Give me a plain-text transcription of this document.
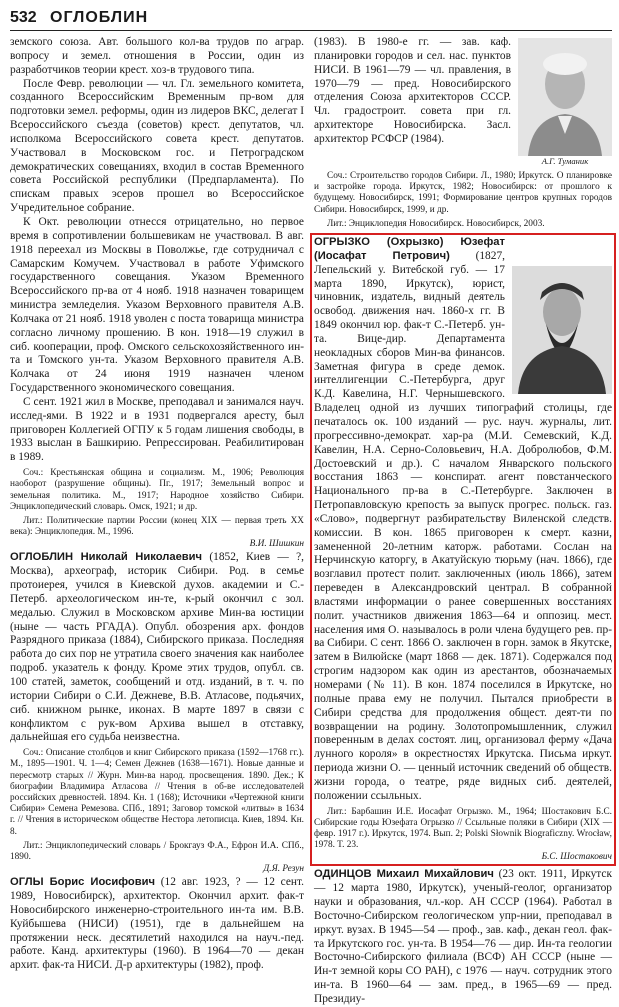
532 ОГЛОБЛИН

земского союза. Авт. большого кол-ва трудов по аграр. вопросу и земел. отношения в России, один из разработчиков теории крест. хоз-в трудового типа.

После Февр. революции — чл. Гл. земельного комитета, созданного Всероссийским Временным пр-вом для подготовки земел. реформы, один из лидеров ВКС, делегат I Всероссийского съезда (советов) крест. депутатов, чл. исполкома Всероссийского совета крест. депутатов. Участвовал в Московском гос. и Петроградском демократических совещаниях, входил в состав Временного совета Российской республики (Предпарламента). По спискам правых эсеров прошел во Всероссийское Учредительное собрание.

К Окт. революции отнесся отрицательно, но первое время в сопротивлении большевикам не участвовал. В авг. 1918 переехал из Москвы в Поволжье, где сотрудничал с Самарским Комучем. Участвовал в работе Уфимского государственного совещания. Указом Временного Всероссийского пр-ва от 4 нояб. 1918 назначен товарищем министра земледелия. Указом Верховного правителя А.В. Колчака от 21 нояб. 1918 уволен с поста товарища министра согласно личному прошению. В кон. 1918—19 служил в сиб. кооперации, проф. Омского сельскохозяйственного ин-та и Томского ун-та. Указом Верховного правителя А.В. Колчака от 24 июня 1919 назначен членом Государственного экономического совещания.

С сент. 1921 жил в Москве, преподавал и занимался науч. исслед-ями. В 1922 и в 1931 подвергался аресту, был приговорен Коллегией ОГПУ к 5 годам лишения свободы, в 1933 выслан в Башкирию. Репрессирован. Реабилитирован в 1989.

Соч.: Крестьянская община и социализм. М., 1906; Революция наоборот (разрушение общины). Пг., 1917; Земельный вопрос и земельная политика. М., 1917; Народное хозяйство Сибири. Энциклопедический словарь. Омск, 1921; и др.

Лит.: Политические партии России (конец XIX — первая треть XX века): Энциклопедия. М., 1996.

В.И. Шишкин

ОГЛОБЛИН Николай Николаевич (1852, Киев — ?, Москва), археограф, историк Сибири. Род. в семье протоиерея, учился в Киевской духов. академии и С.-Петерб. археологическом ин-те, к-рый окончил с зол. медалью. Служил в Московском архиве Мин-ва юстиции (ныне — часть РГАДА). Опубл. обозрения арх. фондов Разрядного приказа (1884), Сибирского приказа. Последняя работа до сих пор не утратила своего значения как наиболее подроб. указатель к фонду. Кроме этих трудов, опубл. св. 100 статей, заметок, сообщений и отд. изданий, в т. ч. по истории Сибири о С.И. Дежневе, В.В. Атласове, подьячих, сиб. книжном рынке, иконах. В марте 1897 в связи с конфликтом с рук-вом Архива вышел в отставку, дальнейшая его судьба неизвестна.

Соч.: Описание столбцов и книг Сибирского приказа (1592—1768 гг.). М., 1895—1901. Ч. 1—4; Семен Дежнев (1638—1671). Новые данные и пересмотр старых // Журн. Мин-ва народ. просвещения. 1890. Дек.; К биографии Владимира Атласова // Чтения в об-ве исследователей российских древностей. 1894. Кн. 1 (168); Источники «Чертежной книги Сибири» Семена Ремезова. СПб., 1891; Заговор томской «литвы» в 1634 г. // Чтения в историческом обществе Нестора летописца. Киев, 1894. Кн. 8.

Лит.: Энциклопедический словарь / Брокгауз Ф.А., Ефрон И.А. СПб., 1890.

Д.Я. Резун

ОГЛЫ Борис Иосифович (12 авг. 1923, ? — 12 сент. 1989, Новосибирск), архитектор. Окончил архит. фак-т Новосибирского инженерно-строительного ин-та им. В.В. Куйбышева (НИСИ) (1951), где в дальнейшем на протяжении неск. десятилетий находился на науч.-пед. работе. Канд. архитектуры (1960). В 1964—70 — декан архит. фак-та НИСИ. Д-р архитектуры (1982), проф.

А.Г. Туманик

(1983). В 1980-е гг. — зав. каф. планировки городов и сел. нас. пунктов НИСИ. В 1961—79 — чл. правления, в 1970—79 — пред. Новосибирского отделения Союза архитекторов СССР. Чл. градостроит. совета при гл. архитекторе Новосибирска. Засл. архитектор РСФСР (1984).

Соч.: Строительство городов Сибири. Л., 1980; Иркутск. О планировке и застройке города. Иркутск, 1982; Новосибирск: от прошлого к будущему. Новосибирск, 1991; Формирование центров крупных городов Сибири. Новосибирск, 1999, и др.

Лит.: Энциклопедия Новосибирск. Новосибирск, 2003.

ОГРЫЗКО (Охрызко) Юзефат (Иосафат Петрович) (1827, Лепельский у. Витебской губ. — 17 марта 1890, Иркутск), юрист, чиновник, издатель, видный деятель освобод. движения нач. 1860-х гг. В 1849 окончил юр. фак-т С.-Петерб. ун-та. Вице-дир. Департамента неокладных сборов Мин-ва финансов. Заметная фигура в среде демок. интеллигенции С.-Петербурга, друг К.Д. Кавелина, Н.Г. Чернышевского. Владелец одной из лучших типографий столицы, где печаталось ок. 100 изданий — рус. науч. журналы, лит. прогрессивно-демократ. хар-ра (М.И. Семевский, К.Д. Кавелин, Н.А. Серно-Соловьевич, Н.А. Добролюбов, Ф.М. Достоевский и др.). С началом Январского польского восстания 1863 — конспират. агент повстанческого Национального пр-ва в С.-Петербурге. Заключен в Петропавловскую крепость за выпуск прогрес. польск. газ. «Слово», подвергнут разбирательству Виленской следств. комиссии. В кон. 1865 приговорен к смерт. казни, замененной 20-летним каторж. работами. Сослан на Нерчинскую каторгу, в Акатуйскую тюрьму (нач. 1866), где возглавил протест полит. заключенных (июль 1866), затем переведен в Александровский централ. В собранной властями информации о ранее совершенных восстаниях полит. участников движения 1863—64 и оппозиц. мест. населения имя О. называлось в роли члена будущего рев. пр-ва Сибири. С сент. 1866 О. заключен в горн. замок в Якутске, затем в Вилюйске (март 1868 — дек. 1871). Содержался под строгим надзором как один из арестантов, обозначаемых номерами (№ 11). В кон. 1874 поселился в Иркутске, но полные права ему не получил. Пытался приобрести в Сибири средства для продолжения общест. деят-ти по возвращении на родину. Золотопромышленник, служил поверенным в делах состоят. лиц, организовал ферму «Дача лунного короля» в окрестностях Иркутска. Письма иркут. периода жизни О. — ценный источник сведений об обществ. жизни города, о театре, ряде видных сиб. деятелей, положении ссыльных.

Лит.: Барбашин И.Е. Иосафат Огрызко. М., 1964; Шостакович Б.С. Сибирские годы Юзефата Огрызко // Ссыльные поляки в Сибири (XIX — февр. 1917 г.). Иркутск, 1974. Вып. 2; Polski Słownik Biograficzny. Wrocław, 1978. T. 23.

Б.С. Шостакович

ОДИНЦОВ Михаил Михайлович (23 окт. 1911, Иркутск — 12 марта 1980, Иркутск), ученый-геолог, организатор науки и образования, чл.-кор. АН СССР (1964). Работал в Восточно-Сибирском геологическом упр-нии, преподавал в иркут. вузах. В 1945—54 — проф., зав. каф., декан геол. фак-та Иркутского гос. ун-та. В 1954—76 — дир. Ин-та геологии Восточно-Сибирского филиала (ВСФ) АН СССР (ныне — Ин-т земной коры СО РАН), с 1976 — науч. сотрудник этого ин-та. В 1960—64 — зам. пред., в 1965—69 — пред. Президиу-
